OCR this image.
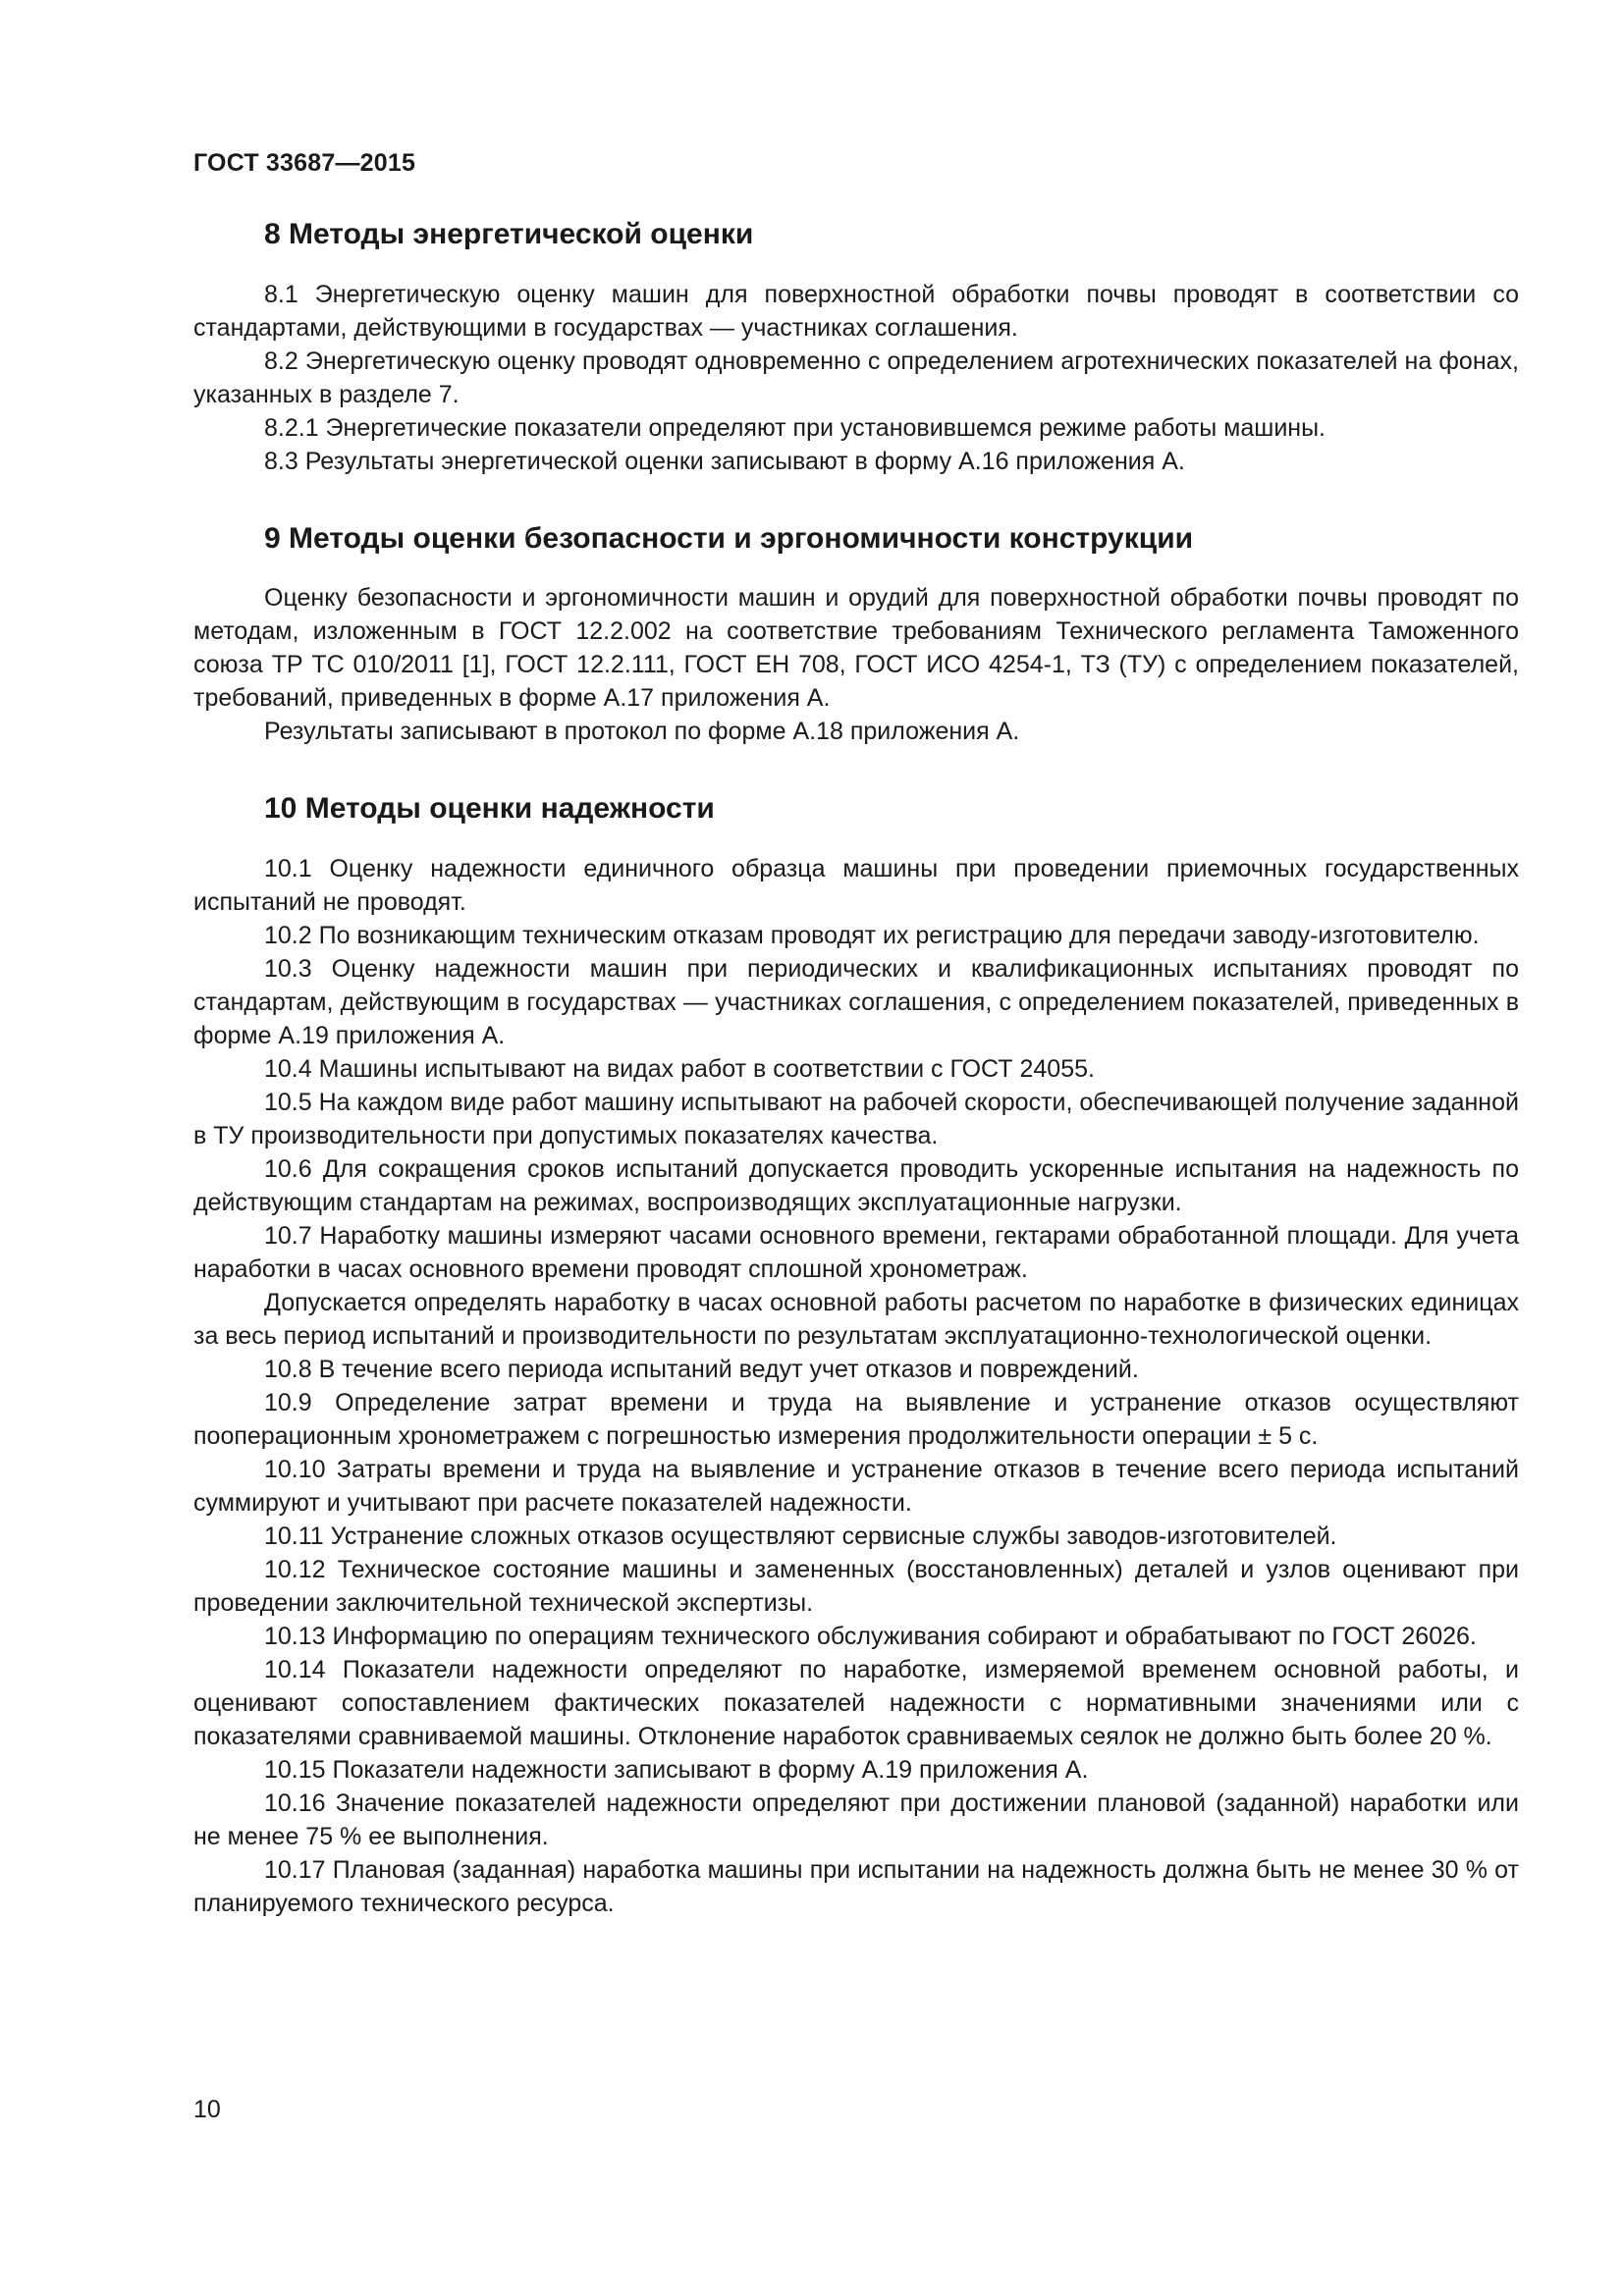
ГОСТ 33687—2015
8 Методы энергетической оценки

8.1 Энергетическую оценку машин для поверхностной обработки почвы проводят в соответствии со стандартами, действующими в государствах — участниках соглашения.

8.2 Энергетическую оценку проводят одновременно с определением агротехнических показателей на фонах, указанных в разделе 7.

8.2.1 Энергетические показатели определяют при установившемся режиме работы машины.

8.3 Результаты энергетической оценки записывают в форму А.16 приложения А.

9 Методы оценки безопасности и эргономичности конструкции

Оценку безопасности и эргономичности машин и орудий для поверхностной обработки почвы проводят по методам, изложенным в ГОСТ 12.2.002 на соответствие требованиям Технического регламента Таможенного союза ТР ТС 010/2011 [1], ГОСТ 12.2.111, ГОСТ ЕН 708, ГОСТ ИСО 4254-1, ТЗ (ТУ) с определением показателей, требований, приведенных в форме А.17 приложения А.

Результаты записывают в протокол по форме А.18 приложения А.

10 Методы оценки надежности

10.1 Оценку надежности единичного образца машины при проведении приемочных государственных испытаний не проводят.

10.2 По возникающим техническим отказам проводят их регистрацию для передачи заводу-изготовителю.

10.3 Оценку надежности машин при периодических и квалификационных испытаниях проводят по стандартам, действующим в государствах — участниках соглашения, с определением показателей, приведенных в форме А.19 приложения А.

10.4 Машины испытывают на видах работ в соответствии с ГОСТ 24055.

10.5 На каждом виде работ машину испытывают на рабочей скорости, обеспечивающей получение заданной в ТУ производительности при допустимых показателях качества.

10.6 Для сокращения сроков испытаний допускается проводить ускоренные испытания на надежность по действующим стандартам на режимах, воспроизводящих эксплуатационные нагрузки.

10.7 Наработку машины измеряют часами основного времени, гектарами обработанной площади. Для учета наработки в часах основного времени проводят сплошной хронометраж.

Допускается определять наработку в часах основной работы расчетом по наработке в физических единицах за весь период испытаний и производительности по результатам эксплуатационно-технологической оценки.

10.8 В течение всего периода испытаний ведут учет отказов и повреждений.

10.9 Определение затрат времени и труда на выявление и устранение отказов осуществляют пооперационным хронометражем с погрешностью измерения продолжительности операции ± 5 с.

10.10 Затраты времени и труда на выявление и устранение отказов в течение всего периода испытаний суммируют и учитывают при расчете показателей надежности.

10.11 Устранение сложных отказов осуществляют сервисные службы заводов-изготовителей.

10.12 Техническое состояние машины и замененных (восстановленных) деталей и узлов оценивают при проведении заключительной технической экспертизы.

10.13 Информацию по операциям технического обслуживания собирают и обрабатывают по ГОСТ 26026.

10.14 Показатели надежности определяют по наработке, измеряемой временем основной работы, и оценивают сопоставлением фактических показателей надежности с нормативными значениями или с показателями сравниваемой машины. Отклонение наработок сравниваемых сеялок не должно быть более 20 %.

10.15 Показатели надежности записывают в форму А.19 приложения А.

10.16 Значение показателей надежности определяют при достижении плановой (заданной) наработки или не менее 75 % ее выполнения.

10.17 Плановая (заданная) наработка машины при испытании на надежность должна быть не менее 30 % от планируемого технического ресурса.

10
